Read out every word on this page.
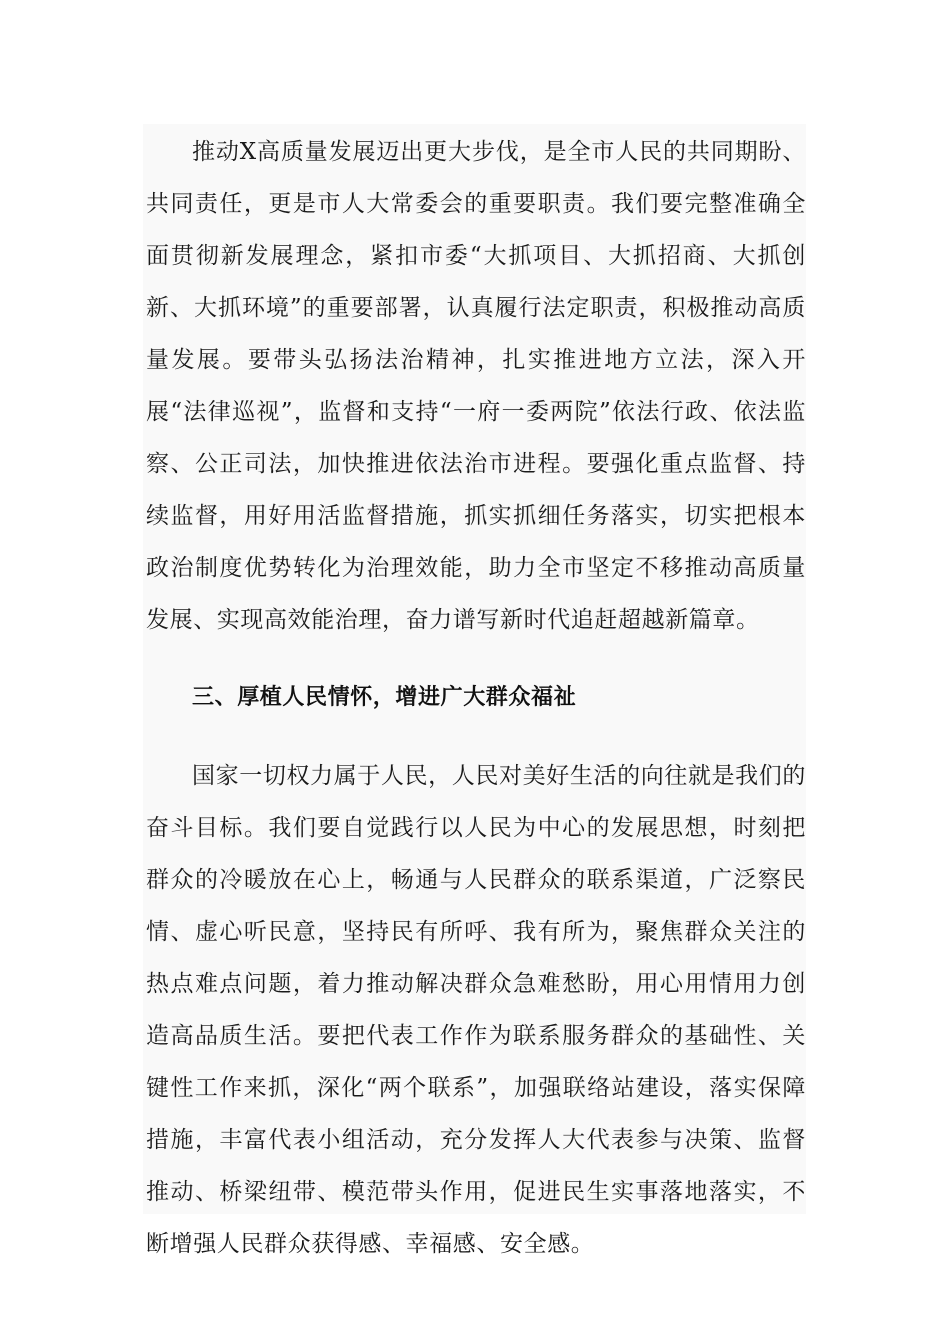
推动X高质量发展迈出更大步伐，是全市人民的共同期盼、共同责任，更是市人大常委会的重要职责。我们要完整准确全面贯彻新发展理念，紧扣市委“大抓项目、大抓招商、大抓创新、大抓环境”的重要部署，认真履行法定职责，积极推动高质量发展。要带头弘扬法治精神，扎实推进地方立法，深入开展“法律巡视”，监督和支持“一府一委两院”依法行政、依法监察、公正司法，加快推进依法治市进程。要强化重点监督、持续监督，用好用活监督措施，抓实抓细任务落实，切实把根本政治制度优势转化为治理效能，助力全市坚定不移推动高质量发展、实现高效能治理，奋力谱写新时代追赶超越新篇章。

三、厚植人民情怀，增进广大群众福祉

国家一切权力属于人民，人民对美好生活的向往就是我们的奋斗目标。我们要自觉践行以人民为中心的发展思想，时刻把群众的冷暖放在心上，畅通与人民群众的联系渠道，广泛察民情、虚心听民意，坚持民有所呼、我有所为，聚焦群众关注的热点难点问题，着力推动解决群众急难愁盼，用心用情用力创造高品质生活。要把代表工作作为联系服务群众的基础性、关键性工作来抓，深化“两个联系”，加强联络站建设，落实保障措施，丰富代表小组活动，充分发挥人大代表参与决策、监督推动、桥梁纽带、模范带头作用，促进民生实事落地落实，不断增强人民群众获得感、幸福感、安全感。
